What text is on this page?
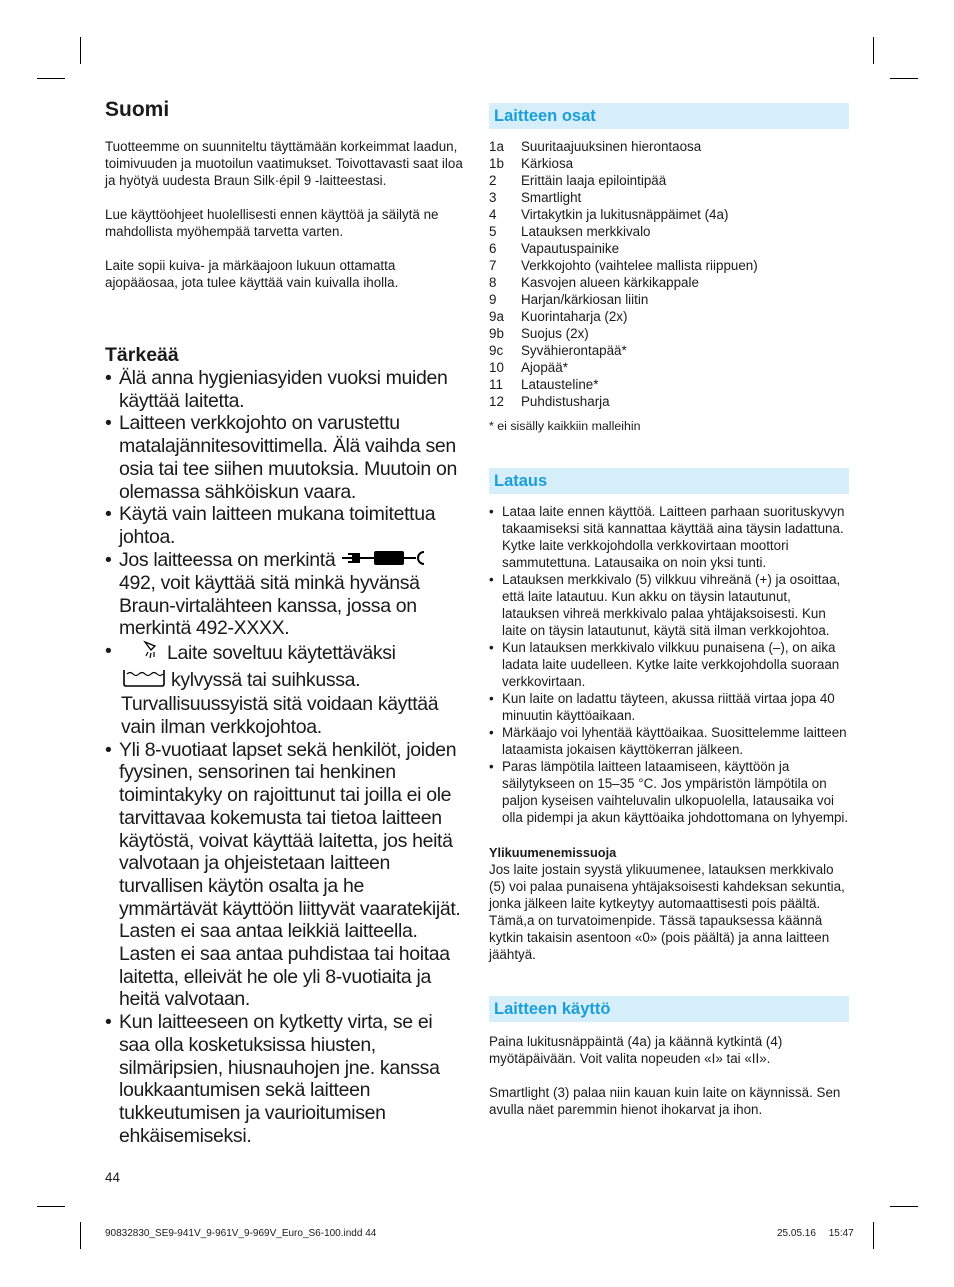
Suomi

Tuotteemme on suunniteltu täyttämään korkeimmat laadun, toimivuuden ja muotoilun vaatimukset. Toivottavasti saat iloa ja hyötyä uudesta Braun Silk·épil 9 -laitteestasi.

Lue käyttöohjeet huolellisesti ennen käyttöä ja säilytä ne mahdollista myöhempää tarvetta varten.

Laite sopii kuiva- ja märkäajoon lukuun ottamatta ajopääosaa, jota tulee käyttää vain kuivalla iholla.

Tärkeää
• Älä anna hygieniasyiden vuoksi muiden käyttää laitetta.
• Laitteen verkkojohto on varustettu matalajännitesovittimella. Älä vaihda sen osia tai tee siihen muutoksia. Muutoin on olemassa sähköiskun vaara.
• Käytä vain laitteen mukana toimitettua johtoa.
• Jos laitteessa on merkintä  492, voit käyttää sitä minkä hyvänsä Braun-virtalähteen kanssa, jossa on merkintä 492-XXXX.
• Laite soveltuu käytettäväksi
kylvyssä tai suihkussa.
Turvallisuussyistä sitä voidaan käyttää vain ilman verkkojohtoa.
• Yli 8-vuotiaat lapset sekä henkilöt, joiden fyysinen, sensorinen tai henkinen toimintakyky on rajoittunut tai joilla ei ole tarvittavaa kokemusta tai tietoa laitteen käytöstä, voivat käyttää laitetta, jos heitä valvotaan ja ohjeistetaan laitteen turvallisen käytön osalta ja he ymmärtävät käyttöön liittyvät vaaratekijät. Lasten ei saa antaa leikkiä laitteella. Lasten ei saa antaa puhdistaa tai hoitaa laitetta, elleivät he ole yli 8-vuotiaita ja heitä valvotaan.
• Kun laitteeseen on kytketty virta, se ei saa olla kosketuksissa hiusten, silmäripsien, hiusnauhojen jne. kanssa loukkaantumisen sekä laitteen tukkeutumisen ja vaurioitumisen ehkäisemiseksi.
44
Laitteen osat
1a	Suuritaajuuksinen hierontaosa
1b	Kärkiosa
2	Erittäin laaja epilointipää
3	Smartlight
4	Virtakytkin ja lukitusnäppäimet (4a)
5	Latauksen merkkivalo
6	Vapautuspainike
7	Verkkojohto (vaihtelee mallista riippuen)
8	Kasvojen alueen kärkikappale
9	Harjan/kärkiosan liitin
9a	Kuorintaharja (2x)
9b	Suojus (2x)
9c	Syvähierontapää*
10	Ajopää*
11	Latausteline*
12	Puhdistusharja

* ei sisälly kaikkiin malleihin

Lataus
• Lataa laite ennen käyttöä. Laitteen parhaan suorituskyvyn takaamiseksi sitä kannattaa käyttää aina täysin ladattuna. Kytke laite verkkojohdolla verkkovirtaan moottori sammutettuna. Latausaika on noin yksi tunti.
• Latauksen merkkivalo (5) vilkkuu vihreänä (+) ja osoittaa, että laite latautuu. Kun akku on täysin latautunut, latauksen vihreä merkkivalo palaa yhtäjaksoisesti. Kun laite on täysin latautunut, käytä sitä ilman verkkojohtoa.
• Kun latauksen merkkivalo vilkkuu punaisena (–), on aika ladata laite uudelleen. Kytke laite verkkojohdolla suoraan verkkovirtaan.
• Kun laite on ladattu täyteen, akussa riittää virtaa jopa 40 minuutin käyttöaikaan.
• Märkäajo voi lyhentää käyttöaikaa. Suosittelemme laitteen lataamista jokaisen käyttökerran jälkeen.
• Paras lämpötila laitteen lataamiseen, käyttöön ja säilytykseen on 15–35 °C. Jos ympäristön lämpötila on paljon kyseisen vaihteluvalin ulkopuolella, latausaika voi olla pidempi ja akun käyttöaika johdottomana on lyhyempi.

Ylikuumenemissuoja

Jos laite jostain syystä ylikuumenee, latauksen merkkivalo (5) voi palaa punaisena yhtäjaksoisesti kahdeksan sekuntia, jonka jälkeen laite kytkeytyy automaattisesti pois päältä. Tämä,a on turvatoimenpide. Tässä tapauksessa käännä kytkin takaisin asentoon «0» (pois päältä) ja anna laitteen jäähtyä.

Laitteen käyttö

Paina lukitusnäppäintä (4a) ja käännä kytkintä (4) myötäpäivään. Voit valita nopeuden «I» tai «II».

Smartlight (3) palaa niin kauan kuin laite on käynnissä. Sen avulla näet paremmin hienot ihokarvat ja ihon.

90832830_SE9-941V_9-961V_9-969V_Euro_S6-100.indd 44	25.05.16 15:47
